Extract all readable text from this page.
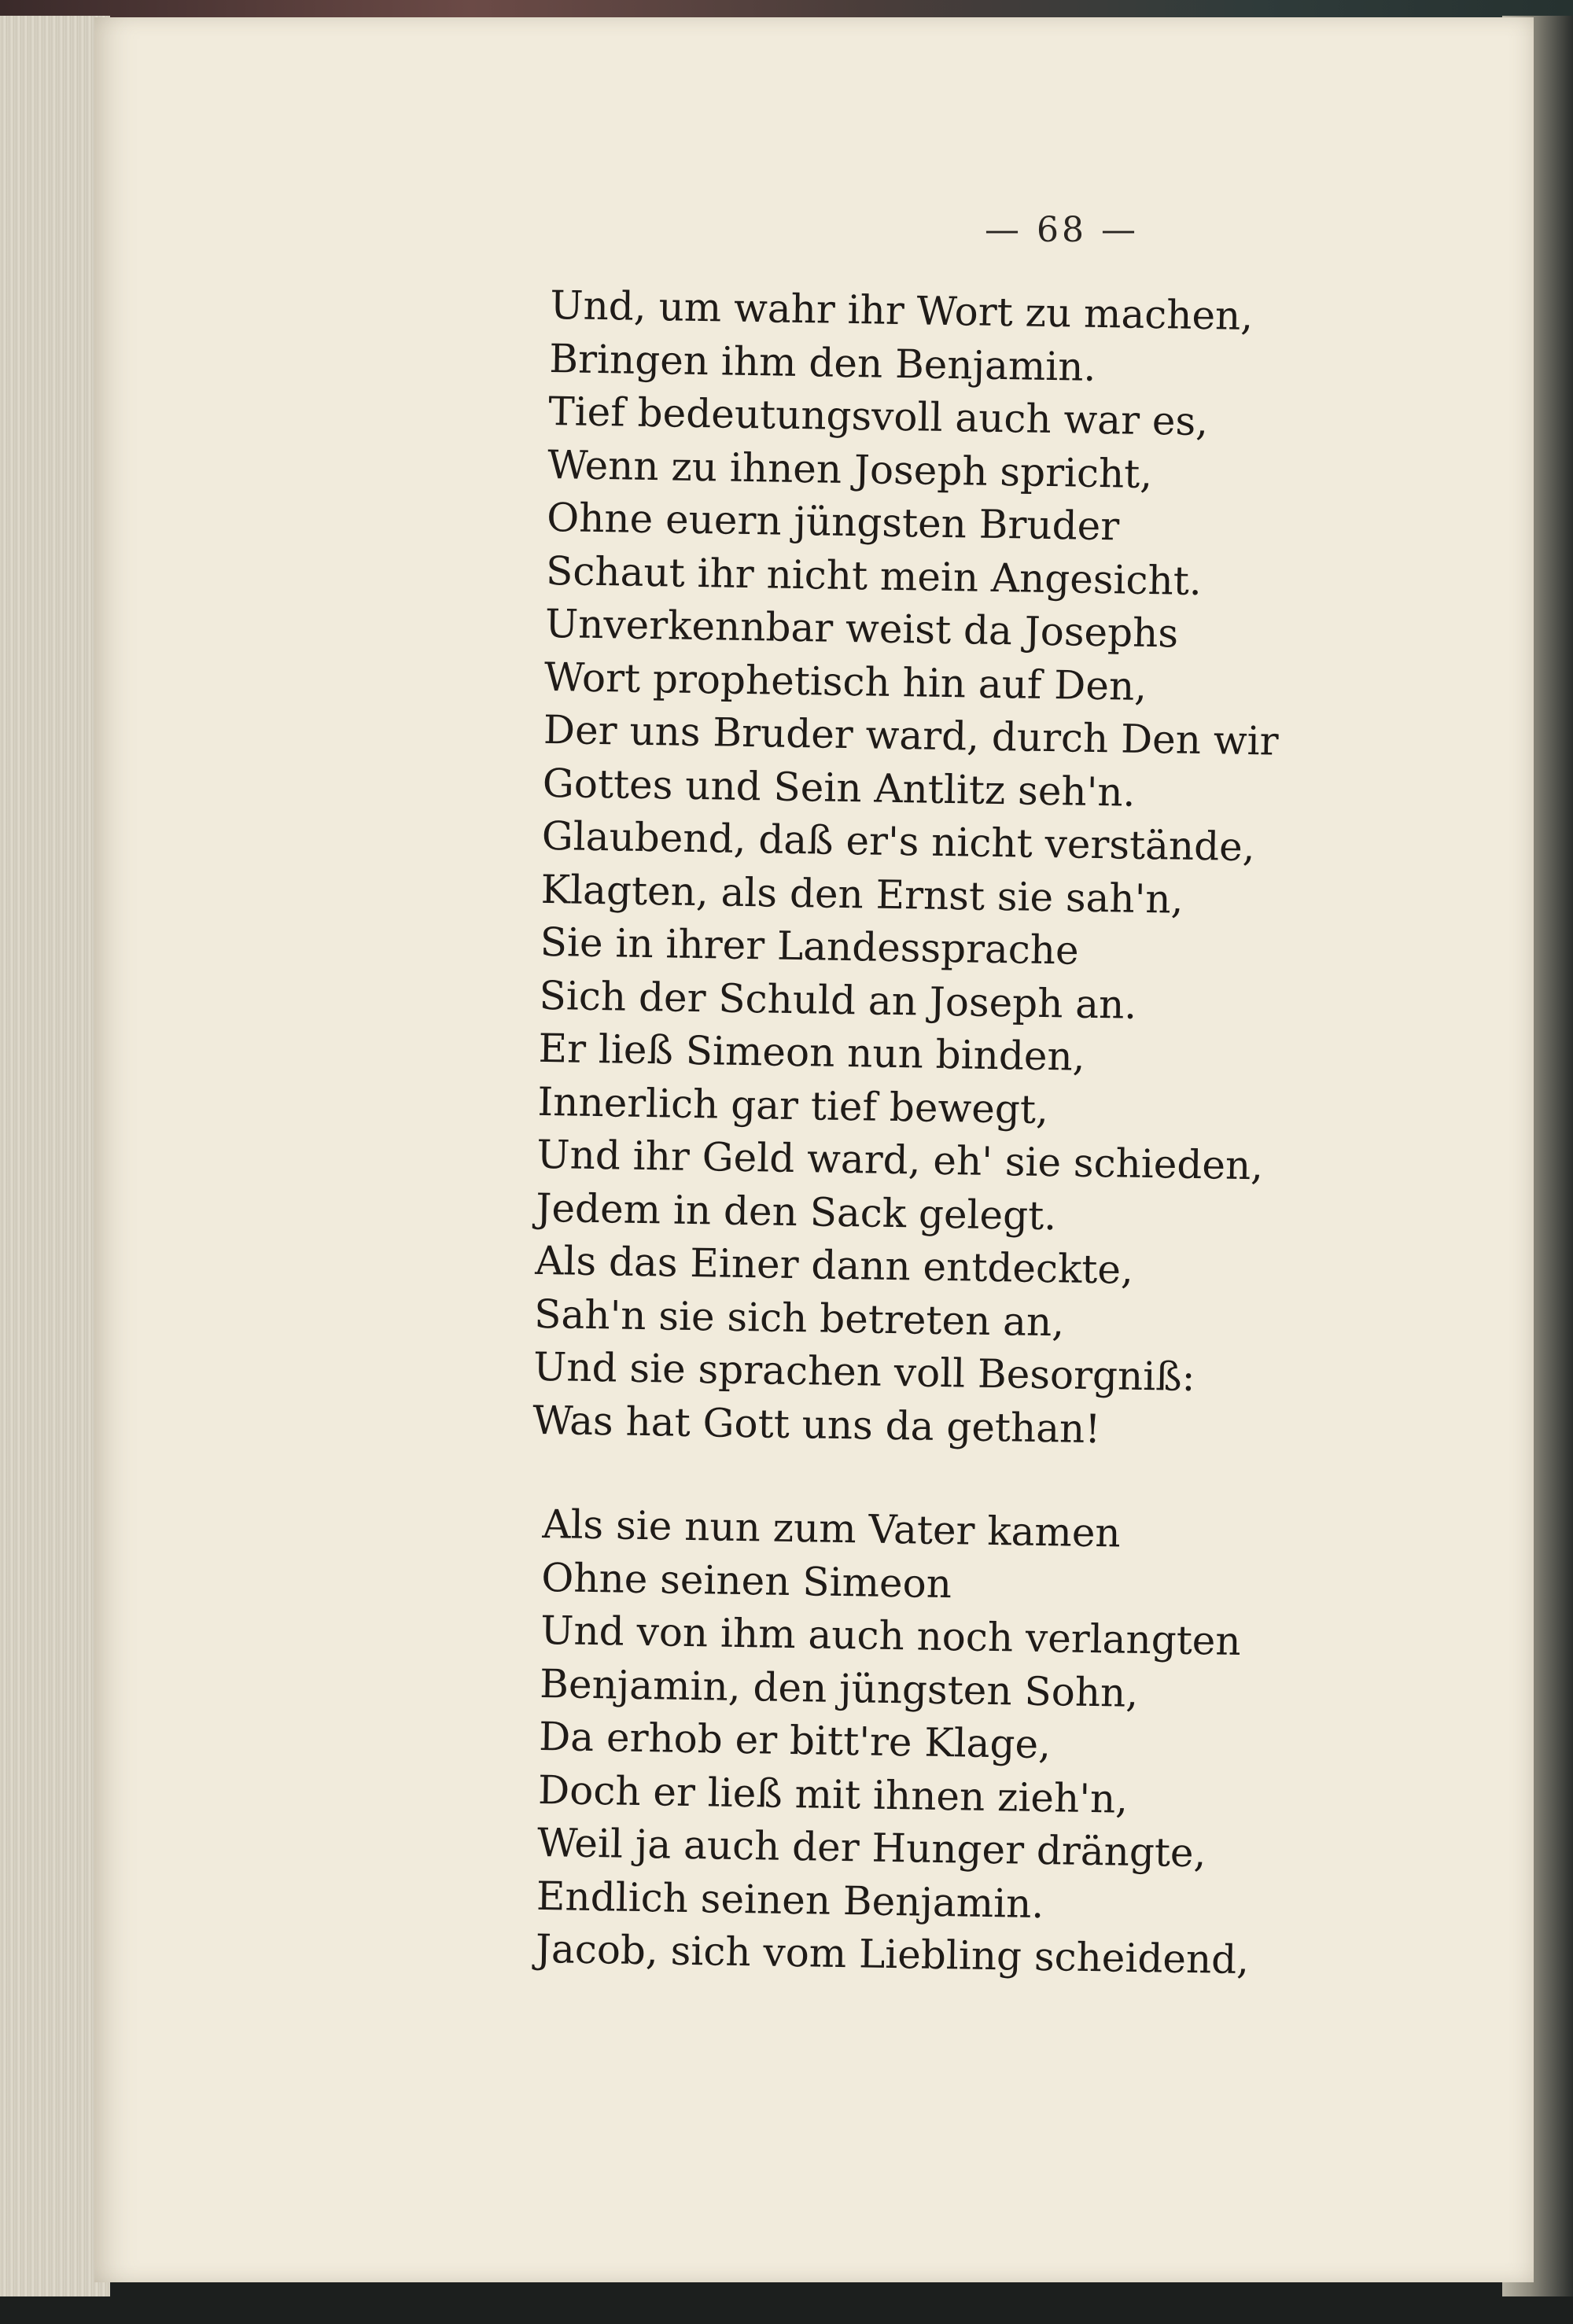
— 68 —
Und, um wahr ihr Wort zu machen,
Bringen ihm den Benjamin.
Tief bedeutungsvoll auch war es,
Wenn zu ihnen Joseph spricht,
Ohne euern jüngsten Bruder
Schaut ihr nicht mein Angesicht.
Unverkennbar weist da Josephs
Wort prophetisch hin auf Den,
Der uns Bruder ward, durch Den wir
Gottes und Sein Antlitz seh'n.
Glaubend, daß er's nicht verstände,
Klagten, als den Ernst sie sah'n,
Sie in ihrer Landessprache
Sich der Schuld an Joseph an.
Er ließ Simeon nun binden,
Innerlich gar tief bewegt,
Und ihr Geld ward, eh' sie schieden,
Jedem in den Sack gelegt.
Als das Einer dann entdeckte,
Sah'n sie sich betreten an,
Und sie sprachen voll Besorgniß:
Was hat Gott uns da gethan!
Als sie nun zum Vater kamen
Ohne seinen Simeon
Und von ihm auch noch verlangten
Benjamin, den jüngsten Sohn,
Da erhob er bitt're Klage,
Doch er ließ mit ihnen zieh'n,
Weil ja auch der Hunger drängte,
Endlich seinen Benjamin.
Jacob, sich vom Liebling scheidend,
